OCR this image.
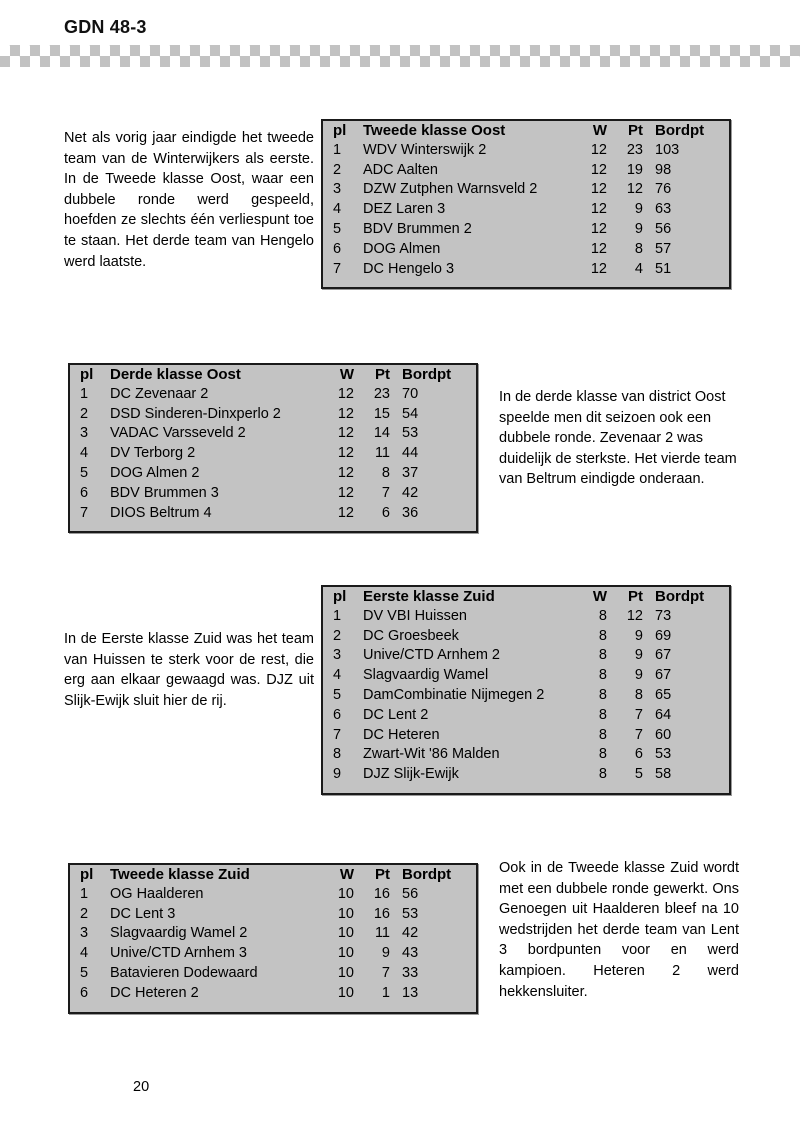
GDN 48-3
Net als vorig jaar eindigde het tweede team van de Winterwijkers als eerste. In de Tweede klasse Oost, waar een dubbele ronde werd gespeeld, hoefden ze slechts één verliespunt toe te staan. Het derde team van Hengelo werd laatste.
pl	Tweede klasse Oost	W	Pt	Bordpt
1	WDV Winterswijk 2	12	23	103
2	ADC Aalten	12	19	98
3	DZW Zutphen Warnsveld 2	12	12	76
4	DEZ Laren 3	12	9	63
5	BDV Brummen 2	12	9	56
6	DOG Almen	12	8	57
7	DC Hengelo 3	12	4	51

pl	Derde klasse Oost	W	Pt	Bordpt
1	DC Zevenaar 2	12	23	70
2	DSD Sinderen-Dinxperlo 2	12	15	54
3	VADAC Varsseveld 2	12	14	53
4	DV Terborg 2	12	11	44
5	DOG Almen 2	12	8	37
6	BDV Brummen 3	12	7	42
7	DIOS Beltrum 4	12	6	36

In de derde klasse van district Oost speelde men dit seizoen ook een dubbele ronde. Zevenaar 2 was duidelijk de sterkste. Het vierde team van Beltrum eindigde onderaan.
pl	Eerste klasse Zuid	W	Pt	Bordpt
1	DV VBI Huissen	8	12	73
2	DC Groesbeek	8	9	69
3	Unive/CTD Arnhem 2	8	9	67
4	Slagvaardig Wamel	8	9	67
5	DamCombinatie Nijmegen 2	8	8	65
6	DC Lent 2	8	7	64
7	DC Heteren	8	7	60
8	Zwart-Wit '86 Malden	8	6	53
9	DJZ Slijk-Ewijk	8	5	58

In de Eerste klasse Zuid was het team van Huissen te sterk voor de rest, die erg aan elkaar gewaagd was. DJZ uit Slijk-Ewijk sluit hier de rij.
pl	Tweede klasse Zuid	W	Pt	Bordpt
1	OG Haalderen	10	16	56
2	DC Lent 3	10	16	53
3	Slagvaardig Wamel 2	10	11	42
4	Unive/CTD Arnhem 3	10	9	43
5	Batavieren Dodewaard	10	7	33
6	DC Heteren 2	10	1	13

Ook in de Tweede klasse Zuid wordt met een dubbele ronde gewerkt. Ons Genoegen uit Haalderen bleef na 10 wedstrijden het derde team van Lent 3 bordpunten voor en werd kampioen. Heteren 2 werd hekkensluiter.
20
